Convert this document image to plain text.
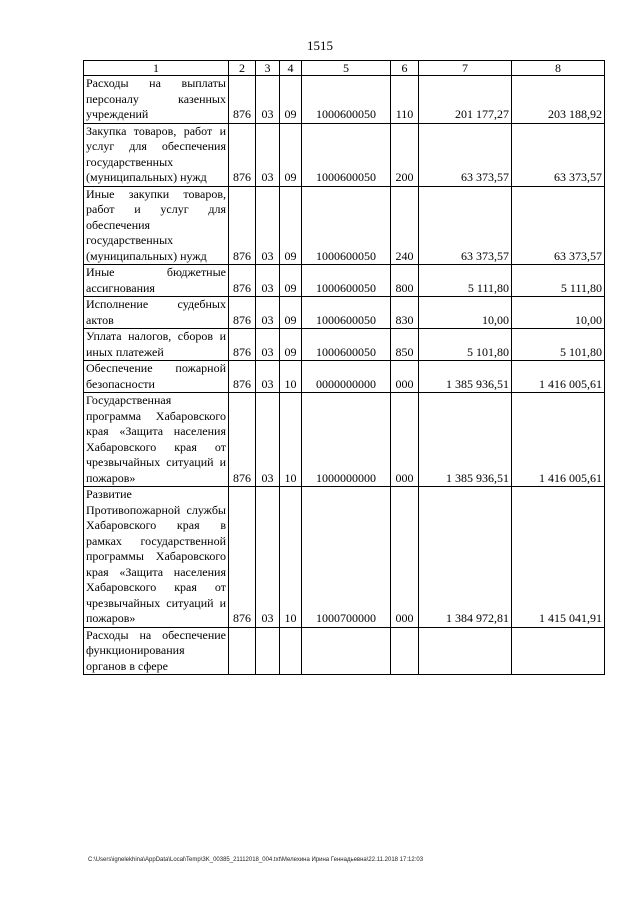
1515
1	2	3	4	5	6	7	8
Расходы на выплаты персоналу казенных учреждений	876	03	09	1000600050	110	201 177,27	203 188,92
Закупка товаров, работ и услуг для обеспечения государственных (муниципальных) нужд	876	03	09	1000600050	200	63 373,57	63 373,57
Иные закупки товаров, работ и услуг для обеспечения государственных (муниципальных) нужд	876	03	09	1000600050	240	63 373,57	63 373,57
Иные бюджетные ассигнования	876	03	09	1000600050	800	5 111,80	5 111,80
Исполнение судебных актов	876	03	09	1000600050	830	10,00	10,00
Уплата налогов, сборов и иных платежей	876	03	09	1000600050	850	5 101,80	5 101,80
Обеспечение пожарной безопасности	876	03	10	0000000000	000	1 385 936,51	1 416 005,61
Государственная программа Хабаровского края «Защита населения Хабаровского края от чрезвычайных ситуаций и пожаров»	876	03	10	1000000000	000	1 385 936,51	1 416 005,61
Развитие Противопожарной службы Хабаровского края в рамках государственной программы Хабаровского края «Защита населения Хабаровского края от чрезвычайных ситуаций и пожаров»	876	03	10	1000700000	000	1 384 972,81	1 415 041,91
Расходы на обеспечение функционирования органов в сфере							
C:\Users\ignelekhina\AppData\Local\Temp\3K_00385_21112018_004.txt\Мелехина Ирина Геннадьевна\22.11.2018 17:12:03
